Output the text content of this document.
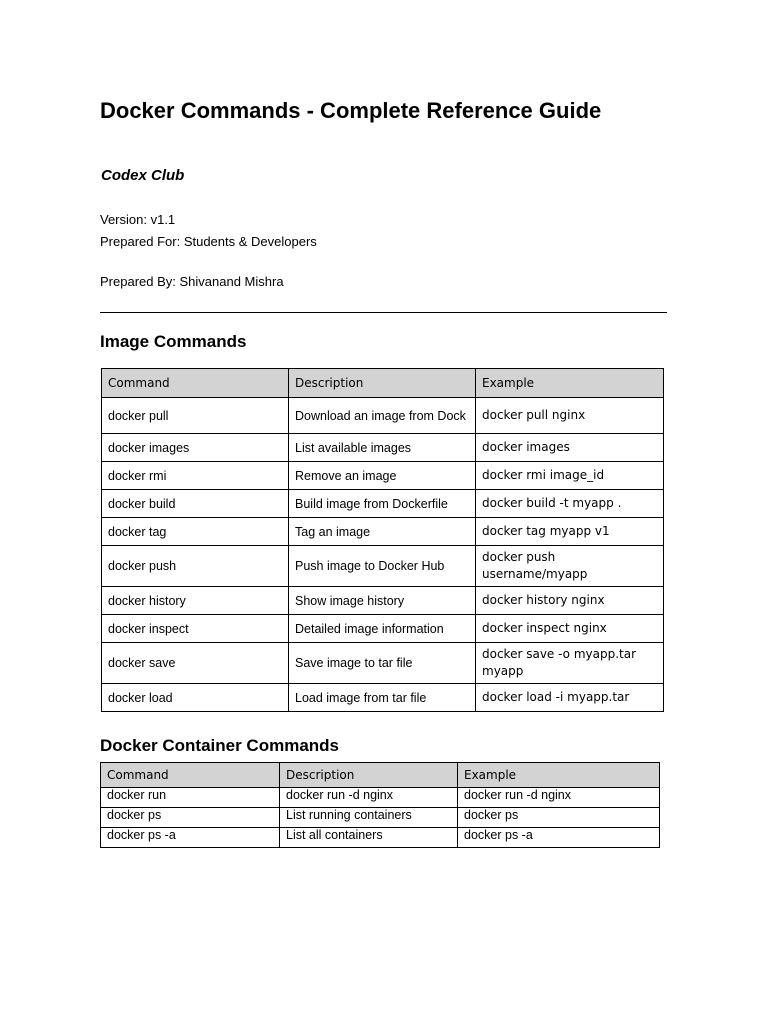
Docker Commands - Complete Reference Guide
Codex Club
Version: v1.1
Prepared For: Students & Developers
Prepared By: Shivanand Mishra
Image Commands
Command	Description	Example
docker pull	Download an image from Dock	docker pull nginx
docker images	List available images	docker images
docker rmi	Remove an image	docker rmi image_id
docker build	Build image from Dockerfile	docker build -t myapp .
docker tag	Tag an image	docker tag myapp v1
docker push	Push image to Docker Hub	docker push username/myapp
docker history	Show image history	docker history nginx
docker inspect	Detailed image information	docker inspect nginx
docker save	Save image to tar file	docker save -o myapp.tar myapp
docker load	Load image from tar file	docker load -i myapp.tar
Docker Container Commands
Command	Description	Example
docker run	docker run -d nginx	docker run -d nginx
docker ps	List running containers	docker ps
docker ps -a	List all containers	docker ps -a
